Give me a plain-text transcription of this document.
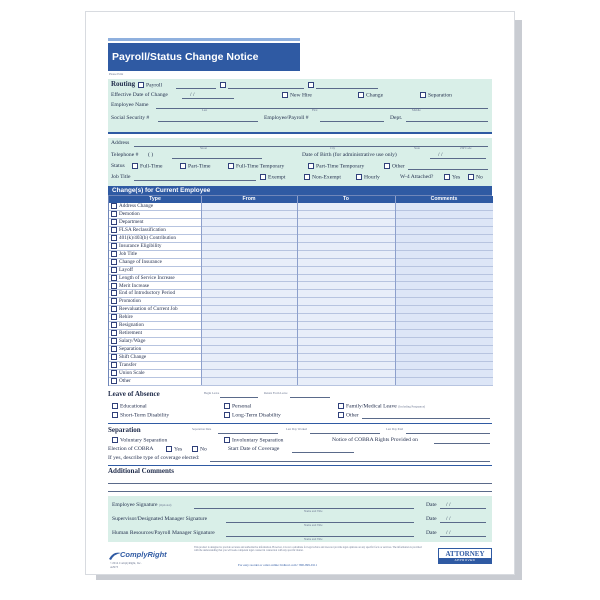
Payroll/Status Change Notice
Please Print
Routing	Payroll
Effective Date of Change	/ /	New Hire	Change	Separation
Employee Name
Last	First	Middle
Social Security #	Employee/Payroll #	Dept.
Address
Street	City	State	ZIP Code
Telephone # ( )	Date of Birth (for administrative use only)	/ /
Status	Full-Time	Part-Time	Full-Time Temporary	Part-Time Temporary	Other
Job Title	Exempt	Non-Exempt	Hourly	W-4 Attached?	Yes	No
Change(s) for Current Employee
Type	From	To	Comments
Address Change
Demotion
Department
FLSA Reclassification
401(k)/403(b) Contribution
Insurance Eligibility
Job Title
Change of Insurance
Layoff
Length of Service Increase
Merit Increase
End of Introductory Period
Promotion
Reevaluation of Current Job
Rehire
Resignation
Retirement
Salary/Wage
Separation
Shift Change
Transfer
Union Scale
Other
Leave of Absence	Begin Leave	Return From Leave
Educational	Personal	Family/Medical Leave (Including Pregnancy)
Short-Term Disability	Long-Term Disability	Other
Separation	Separation Date	Last Day Worked	Last Day Paid
Voluntary Separation	Involuntary Separation	Notice of COBRA Rights Provided on
Election of COBRA	Yes	No	Start Date of Coverage
If yes, describe type of coverage elected:
Additional Comments
Employee Signature (Optional)	Date / /
Name and Title
Supervisor/Designated Manager Signature	Date / /
Name and Title
Human Resources/Payroll Manager Signature	Date / /
Name and Title
ComplyRight
©2014 ComplyRight, Inc.
A2973
This product is designed to provide accurate and authoritative information. However, it is not a substitute for legal advice and does not provide legal opinions on any specific facts or services. The information is provided with the understanding that you will seek competent legal counsel in connection with any specific matter.
For easy reorder or order online: hrdirect.com • 800-999-9111
ATTORNEY
APPROVED
